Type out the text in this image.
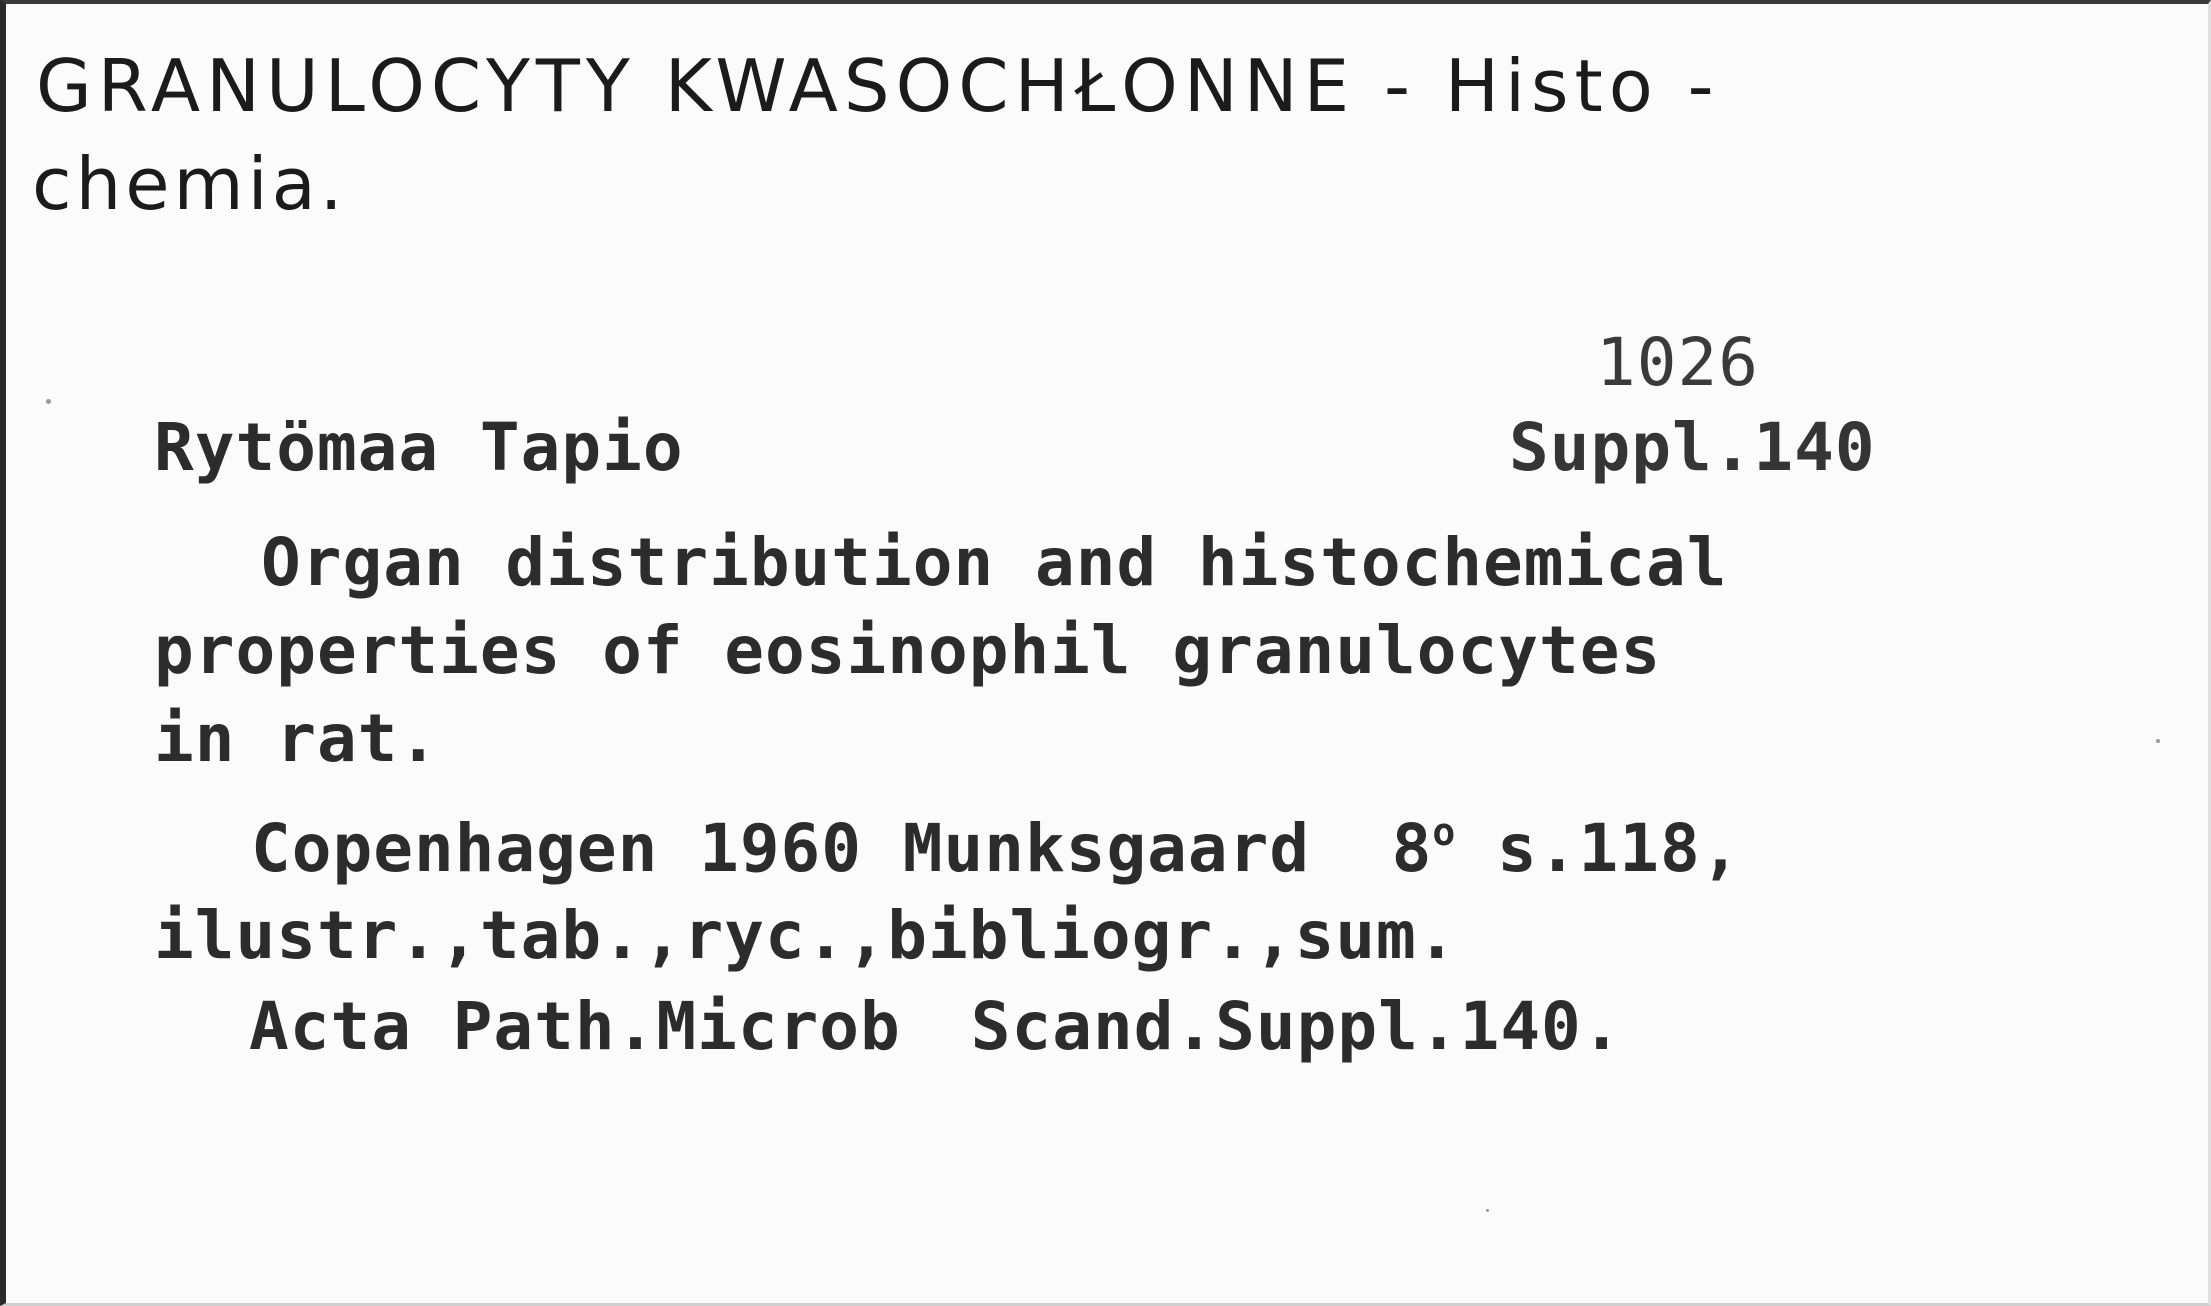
GRANULOCYTY KWASOCHŁONNE - Histo -
chemia.
1026
Rytömaa Tapio	Suppl.140
Organ distribution and histochemical
properties of eosinophil granulocytes
in rat.
Copenhagen 1960 Munksgaard 8$^o$ s.118,
ilustr.,tab.,ryc.,bibliogr.,sum.
Acta Path.Microb Scand.Suppl.140.
